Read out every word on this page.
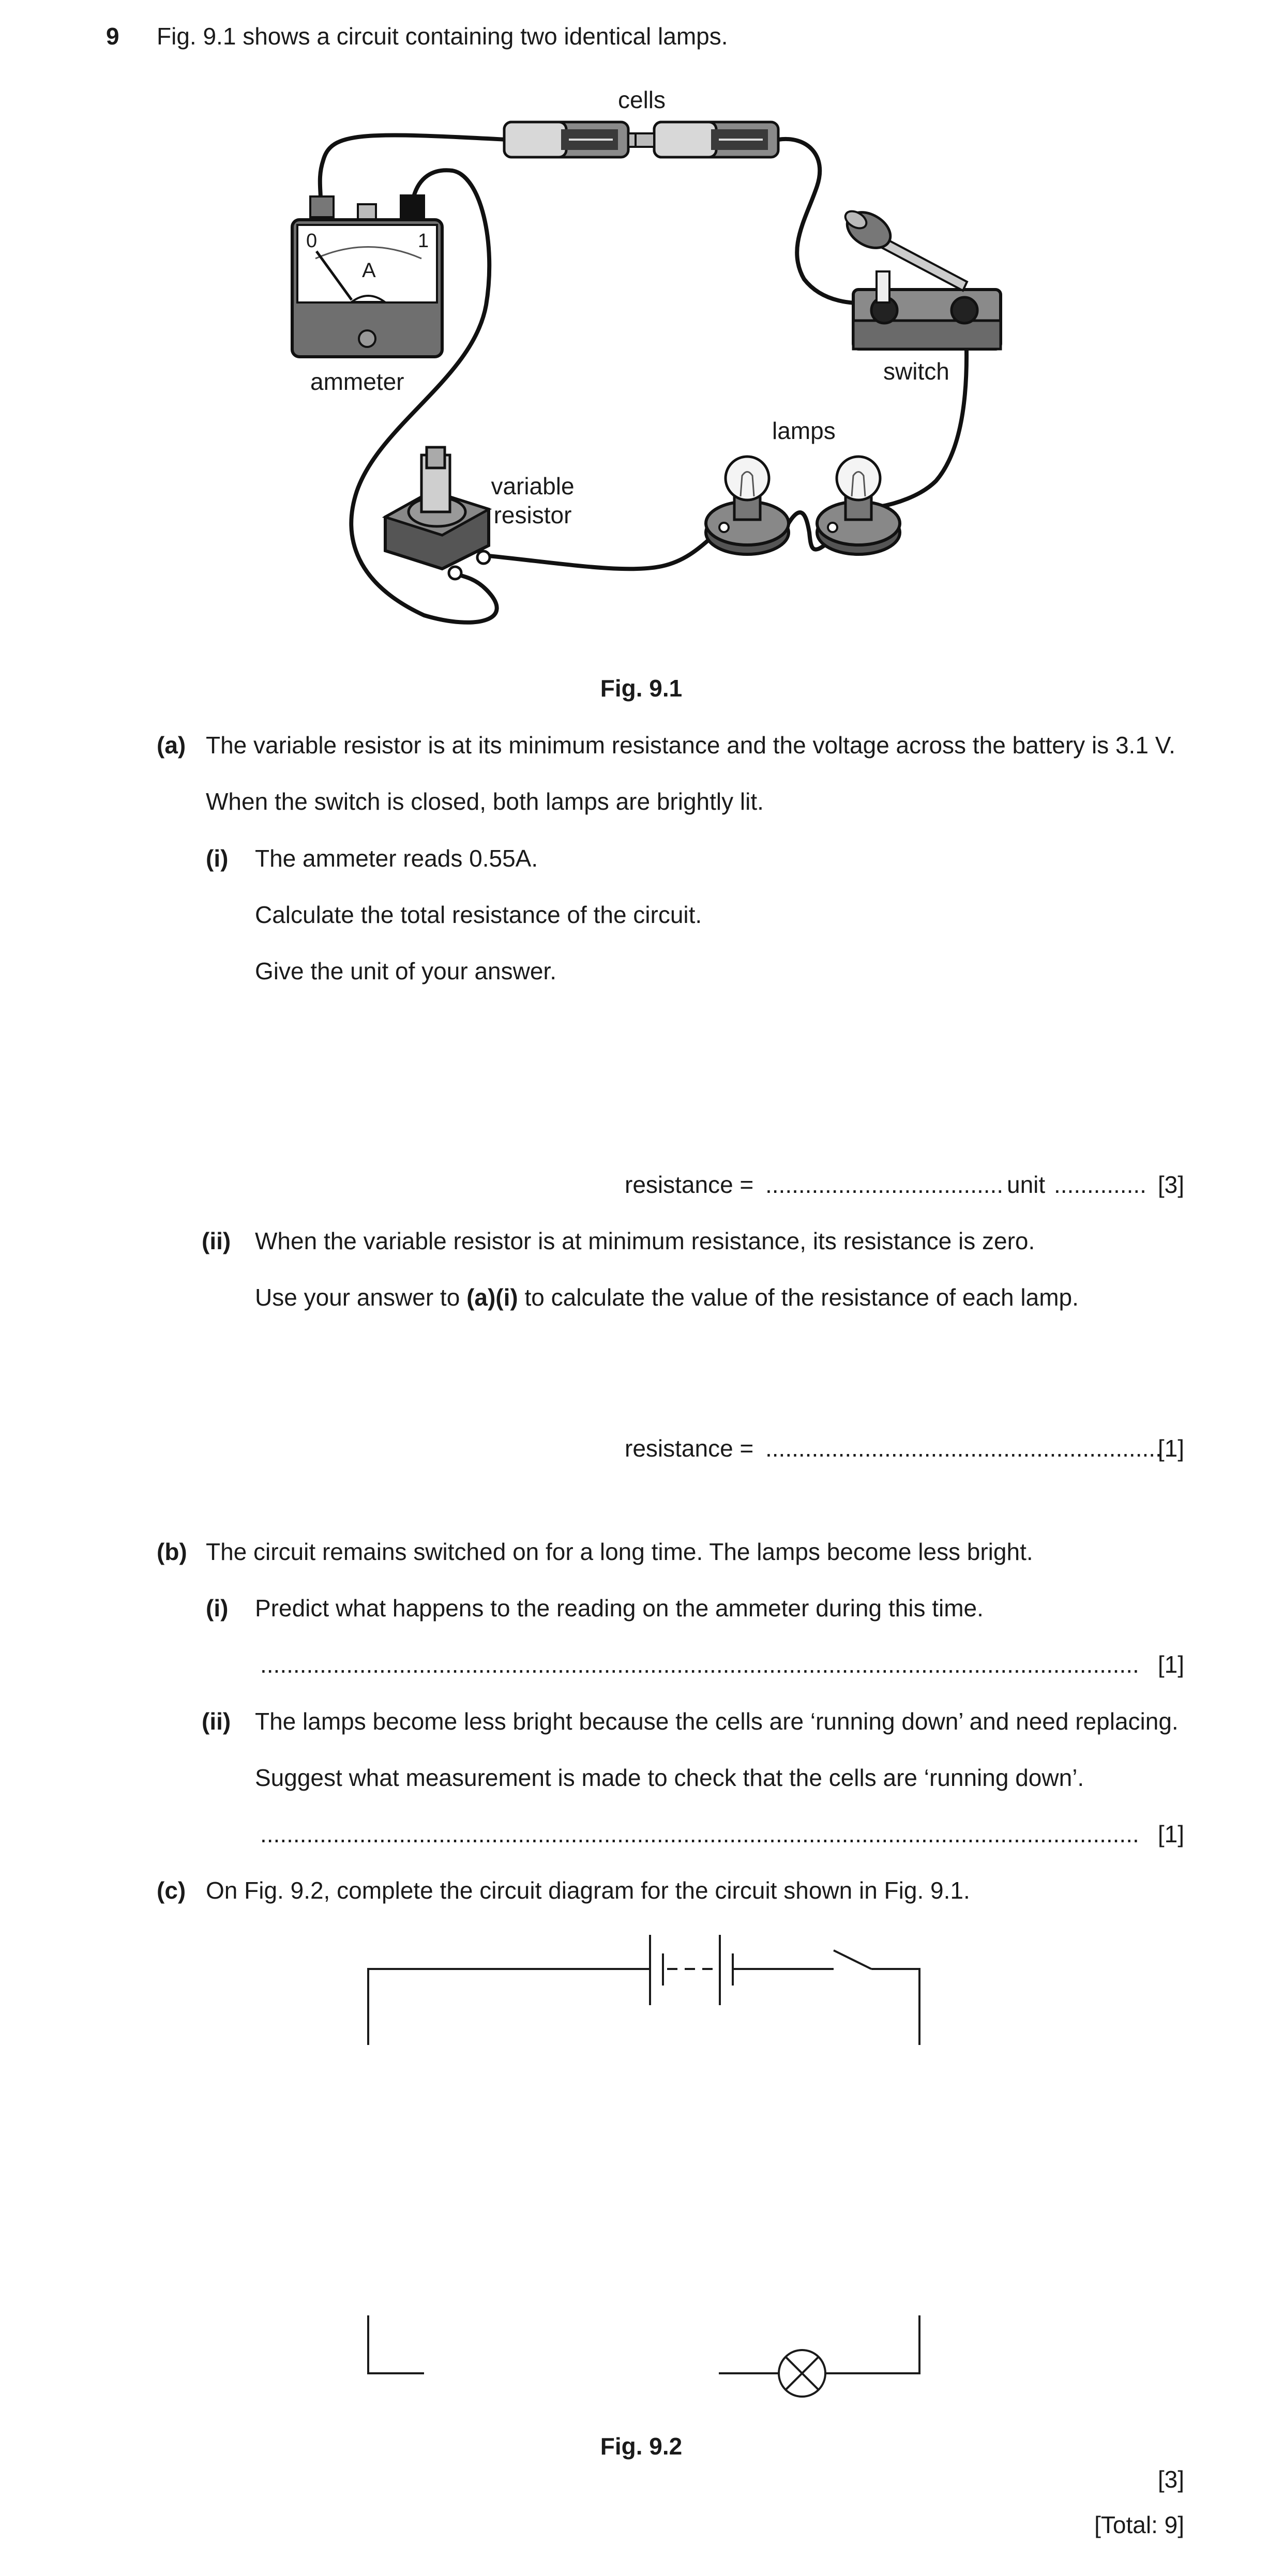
9 Fig. 9.1 shows a circuit containing two identical lamps.
cells
0	1
A
ammeter	switch
lamps
variable
resistor
Fig. 9.1
(a) The variable resistor is at its minimum resistance and the voltage across the battery is 3.1 V.
When the switch is closed, both lamps are brightly lit.
(i) The ammeter reads 0.55A.
Calculate the total resistance of the circuit.
Give the unit of your answer.
resistance = .................................... unit .............. [3]
(ii) When the variable resistor is at minimum resistance, its resistance is zero.
Use your answer to (a)(i) to calculate the value of the resistance of each lamp.
resistance = ............................................................
[1]
(b) The circuit remains switched on for a long time. The lamps become less bright.
(i) Predict what happens to the reading on the ammeter during this time.
..................................................................................................................................... [1]
(ii) The lamps become less bright because the cells are ‘running down’ and need replacing.
Suggest what measurement is made to check that the cells are ‘running down’.
..................................................................................................................................... [1]
(c) On Fig. 9.2, complete the circuit diagram for the circuit shown in Fig. 9.1.
Fig. 9.2
[3]
[Total: 9]
